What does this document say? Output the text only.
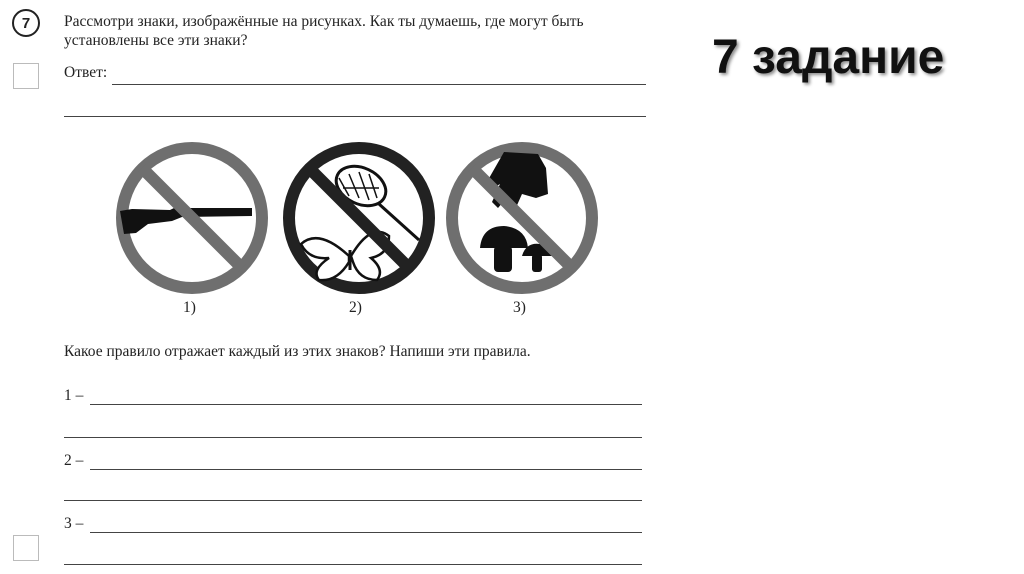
7	Рассмотри знаки, изображённые на рисунках. Как ты думаешь, где могут быть установлены все эти знаки?
Ответ:	7 задание
1)	2)	3)
Какое правило отражает каждый из этих знаков? Напиши эти правила.
1 –
2 –
3 –
